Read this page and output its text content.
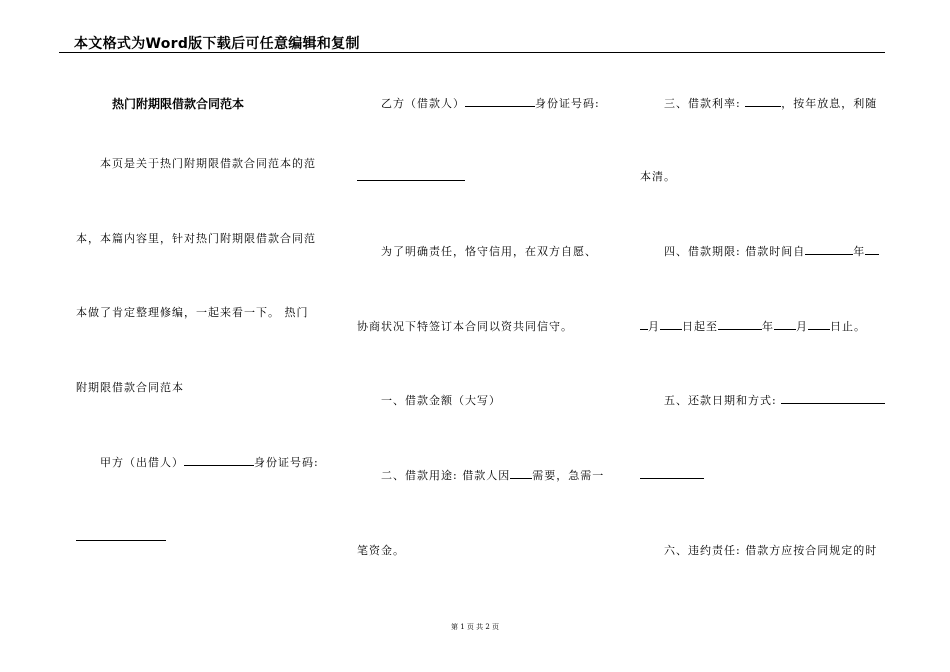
本文格式为Word版下载后可任意编辑和复制
热门附期限借款合同范本
本页是关于热门附期限借款合同范本的范
本，本篇内容里，针对热门附期限借款合同范
本做了肯定整理修编，一起来看一下。 热门
附期限借款合同范本
甲方（出借人）	身份证号码:
乙方（借款人）	身份证号码:
为了明确责任，恪守信用，在双方自愿、
协商状况下特签订本合同以资共同信守。
一、借款金额（大写）
二、借款用途: 借款人因 需要，急需一
笔资金。
三、借款利率:	，按年放息，利随
本清。
四、借款期限: 借款时间自	年
月 日起至	年 月 日止。
五、还款日期和方式:
六、违约责任: 借款方应按合同规定的时
第 1 页 共 2 页
